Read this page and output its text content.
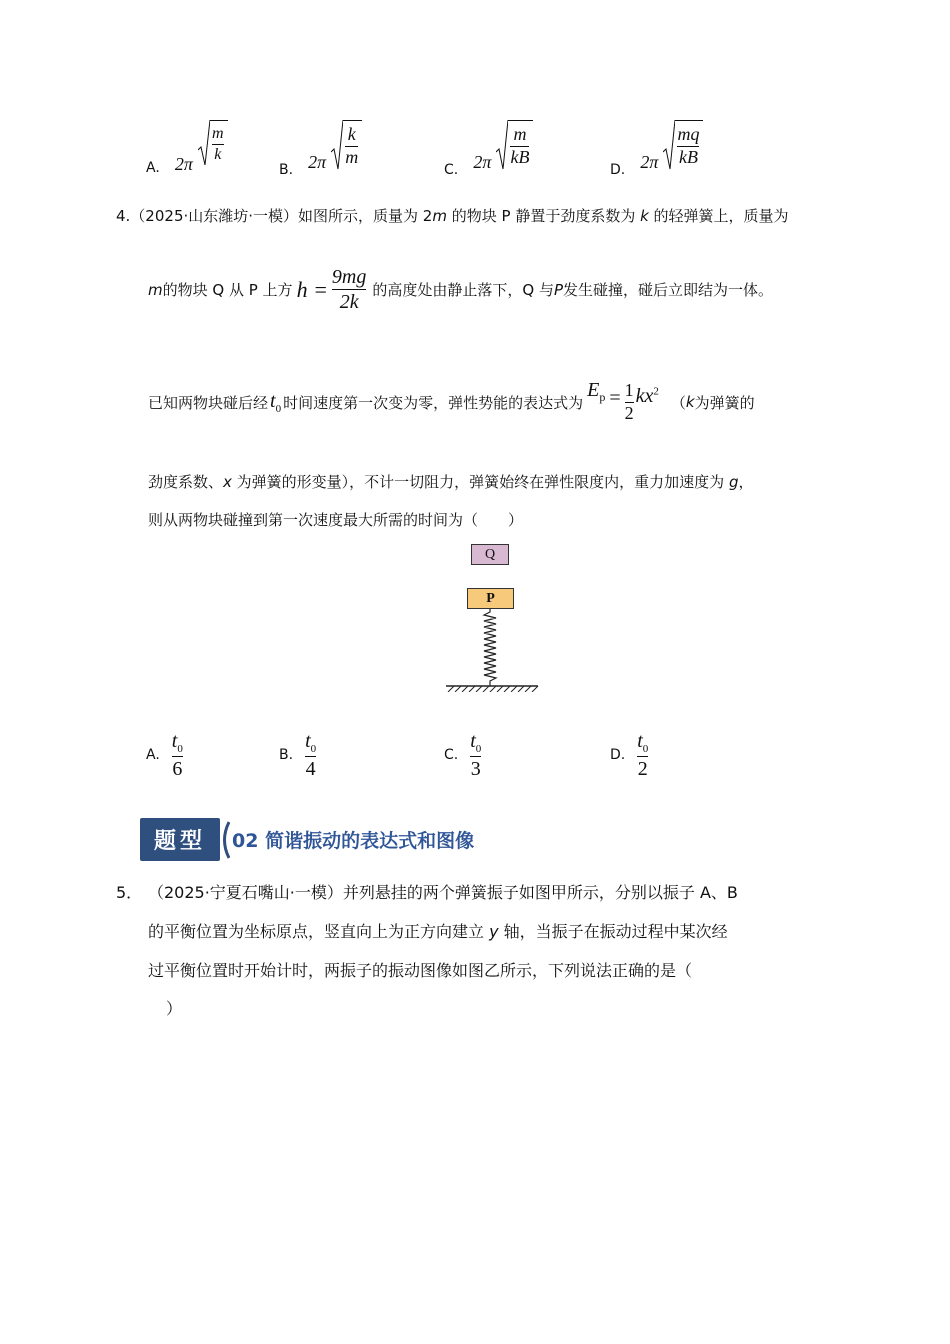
A. $2\pi \frac{m}{k}$
B. $2\pi \frac{k}{m}$
C. $2\pi \frac{m}{kB}$
D. $2\pi \frac{mq}{kB}$
4.（2025·山东潍坊·一模）如图所示，质量为 2m 的物块 P 静置于劲度系数为 k 的轻弹簧上，质量为
m 的物块 Q 从 P 上方 $h = \frac{9mg}{2k}$ 的高度处由静止落下，Q 与 P 发生碰撞，碰后立即结为一体。
已知两物块碰后经 $t_0$ 时间速度第一次变为零，弹性势能的表达式为
$E_p = \frac{1}{2} kx^2$
（ k 为弹簧的
劲度系数、x 为弹簧的形变量），不计一切阻力，弹簧始终在弹性限度内，重力加速度为 g，
则从两物块碰撞到第一次速度最大所需的时间为（　　）
Q
P
A. $\frac{t_0}{6}$	B. $\frac{t_0}{4}$	C. $\frac{t_0}{3}$	D. $\frac{t_0}{2}$
题型	02 简谐振动的表达式和图像
5． （2025·宁夏石嘴山·一模）并列悬挂的两个弹簧振子如图甲所示，分别以振子 A、B
的平衡位置为坐标原点，竖直向上为正方向建立 y 轴，当振子在振动过程中某次经
过平衡位置时开始计时，两振子的振动图像如图乙所示，下列说法正确的是（
）
